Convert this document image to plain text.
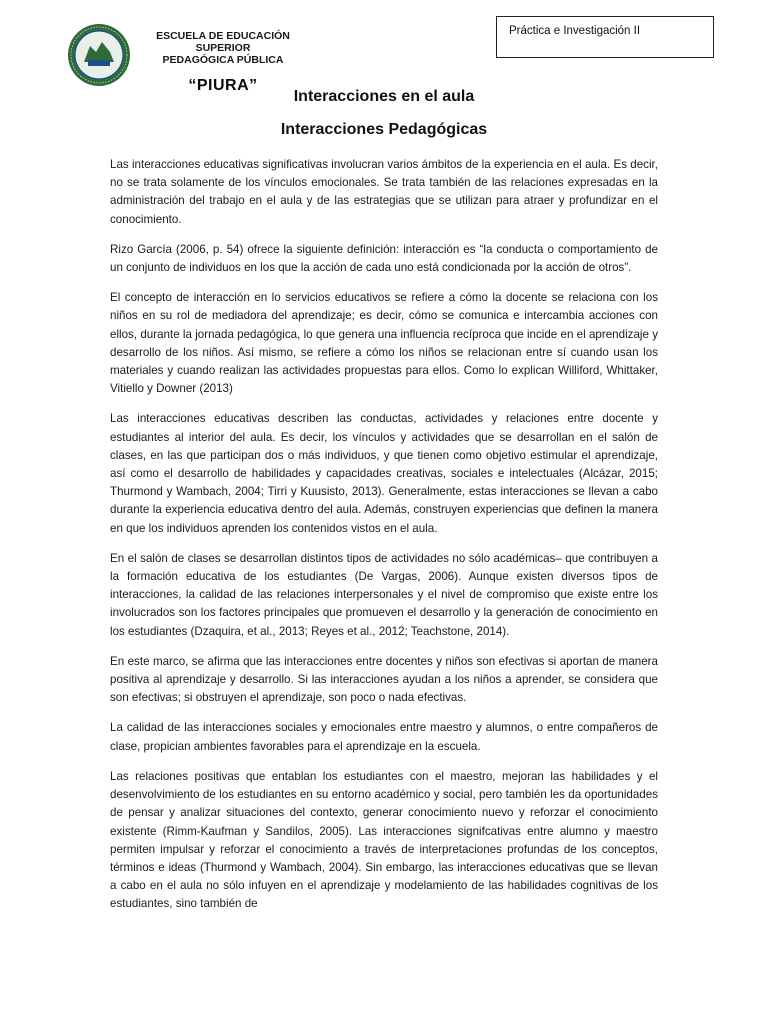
ESCUELA DE EDUCACIÓN SUPERIOR
PEDAGÓGICA PÚBLICA
“PIURA”
Práctica e Investigación II
Interacciones en el aula
Interacciones Pedagógicas

Las interacciones educativas significativas involucran varios ámbitos de la experiencia en el aula. Es decir, no se trata solamente de los vínculos emocionales. Se trata también de las relaciones expresadas en la administración del trabajo en el aula y de las estrategias que se utilizan para atraer y profundizar en el conocimiento.

Rizo García (2006, p. 54) ofrece la siguiente definición: interacción es “la conducta o comportamiento de un conjunto de individuos en los que la acción de cada uno está condicionada por la acción de otros”.

El concepto de interacción en lo servicios educativos se refiere a cómo la docente se relaciona con los niños en su rol de mediadora del aprendizaje; es decir, cómo se comunica e intercambia acciones con ellos, durante la jornada pedagógica, lo que genera una influencia recíproca que incide en el aprendizaje y desarrollo de los niños. Así mismo, se refiere a cómo los niños se relacionan entre sí cuando usan los materiales y cuando realizan las actividades propuestas para ellos. Como lo explican Williford, Whittaker, Vitiello y Downer (2013)

Las interacciones educativas describen las conductas, actividades y relaciones entre docente y estudiantes al interior del aula. Es decir, los vínculos y actividades que se desarrollan en el salón de clases, en las que participan dos o más individuos, y que tienen como objetivo estimular el aprendizaje, así como el desarrollo de habilidades y capacidades creativas, sociales e intelectuales (Alcázar, 2015; Thurmond y Wambach, 2004; Tirri y Kuusisto, 2013). Generalmente, estas interacciones se llevan a cabo durante la experiencia educativa dentro del aula. Además, construyen experiencias que definen la manera en que los individuos aprenden los contenidos vistos en el aula.

En el salón de clases se desarrollan distintos tipos de actividades no sólo académicas– que contribuyen a la formación educativa de los estudiantes (De Vargas, 2006). Aunque existen diversos tipos de interacciones, la calidad de las relaciones interpersonales y el nivel de compromiso que existe entre los involucrados son los factores principales que promueven el desarrollo y la generación de conocimiento en los estudiantes (Dzaquira, et al., 2013; Reyes et al., 2012; Teachstone, 2014).

En este marco, se afirma que las interacciones entre docentes y niños son efectivas si aportan de manera positiva al aprendizaje y desarrollo. Si las interacciones ayudan a los niños a aprender, se considera que son efectivas; si obstruyen el aprendizaje, son poco o nada efectivas.

La calidad de las interacciones sociales y emocionales entre maestro y alumnos, o entre compañeros de clase, propician ambientes favorables para el aprendizaje en la escuela.

Las relaciones positivas que entablan los estudiantes con el maestro, mejoran las habilidades y el desenvolvimiento de los estudiantes en su entorno académico y social, pero también les da oportunidades de pensar y analizar situaciones del contexto, generar conocimiento nuevo y reforzar el conocimiento existente (Rimm-Kaufman y Sandilos, 2005). Las interacciones signifcativas entre alumno y maestro permiten impulsar y reforzar el conocimiento a través de interpretaciones profundas de los conceptos, términos e ideas (Thurmond y Wambach, 2004). Sin embargo, las interacciones educativas que se llevan a cabo en el aula no sólo infuyen en el aprendizaje y modelamiento de las habilidades cognitivas de los estudiantes, sino también de
